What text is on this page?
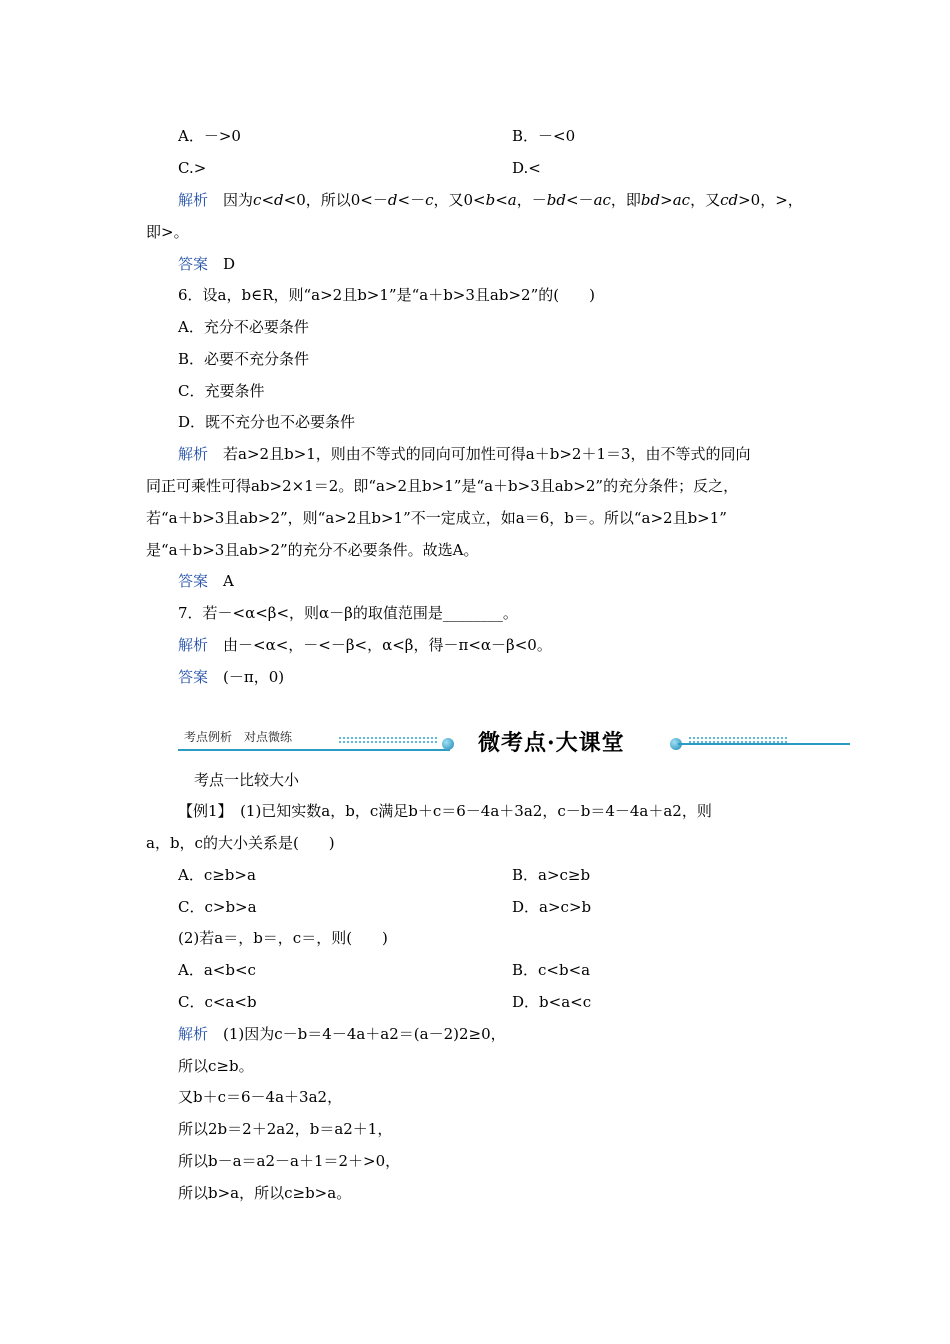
A．－>0	B．－<0
C.>	D.<
解析　 因为c<d<0，所以0<－d<－c，又0<b<a，－bd<－ac，即bd>ac，又cd>0，>，
即>。
答案　 D
6．设a，b∈R，则“a>2且b>1”是“a＋b>3且ab>2”的(　　)
A．充分不必要条件
B．必要不充分条件
C．充要条件
D．既不充分也不必要条件
解析　 若a>2且b>1，则由不等式的同向可加性可得a＋b>2＋1＝3，由不等式的同向
同正可乘性可得ab>2×1＝2。即“a>2且b>1”是“a＋b>3且ab>2”的充分条件；反之，
若“a＋b>3且ab>2”，则“a>2且b>1”不一定成立，如a＝6，b＝。所以“a>2且b>1”
是“a＋b>3且ab>2”的充分不必要条件。故选A。
答案　 A
7．若－<α<β<，则α－β的取值范围是________。
解析　 由－<α<，－<－β<，α<β，得－π<α－β<0。
答案　 (－π，0)
考点例析　对点微练	微考点·大课堂
考点一比较大小
【例1】　 (1)已知实数a，b，c满足b＋c＝6－4a＋3a2，c－b＝4－4a＋a2，则
a，b，c的大小关系是(　　)
A．c≥b>a	B．a>c≥b
C．c>b>a	D．a>c>b
(2)若a＝，b＝，c＝，则(　　)
A．a<b<c	B．c<b<a
C．c<a<b	D．b<a<c
解析　 (1)因为c－b＝4－4a＋a2＝(a－2)2≥0，
所以c≥b。
又b＋c＝6－4a＋3a2，
所以2b＝2＋2a2，b＝a2＋1，
所以b－a＝a2－a＋1＝2＋>0，
所以b>a，所以c≥b>a。
